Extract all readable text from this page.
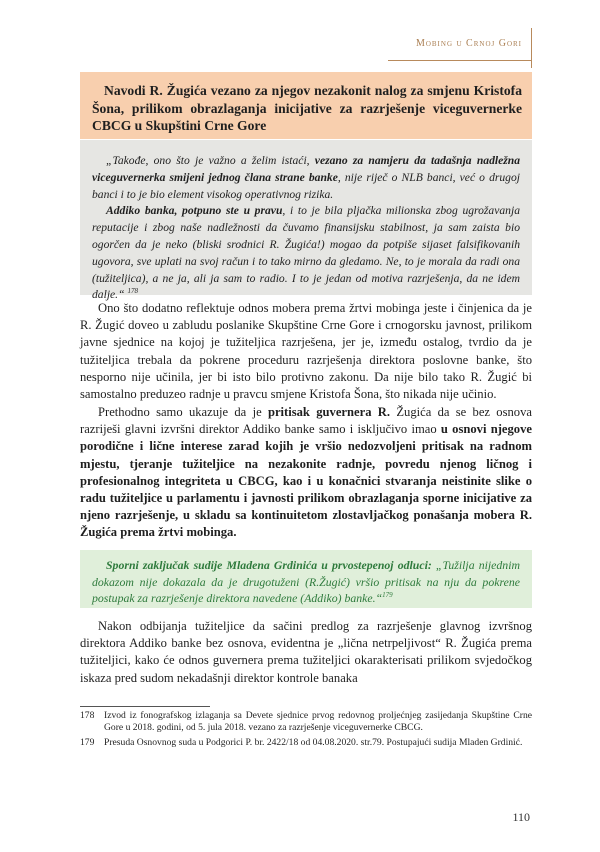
Mobing u Crnoj Gori
Navodi R. Žugića vezano za njegov nezakonit nalog za smjenu Kristofa Šona, prilikom obrazlaganja inicijative za razrješenje viceguvernerke CBCG u Skupštini Crne Gore

„Takođe, ono što je važno a želim istaći, vezano za namjeru da tadašnja nadležna viceguvernerka smijeni jednog člana strane banke, nije riječ o NLB banci, već o drugoj banci i to je bio element visokog operativnog rizika.

Addiko banka, potpuno ste u pravu, i to je bila pljačka milionska zbog ugrožavanja reputacije i zbog naše nadležnosti da čuvamo finansijsku stabilnost, ja sam zaista bio ogorčen da je neko (bliski srodnici R. Žugića!) mogao da potpiše sijaset falsifikovanih ugovora, sve uplati na svoj račun i to tako mirno da gledamo. Ne, to je morala da radi ona (tužiteljica), a ne ja, ali ja sam to radio. I to je jedan od motiva razrješenja, da ne idem dalje.“ $^{178}$

Ono što dodatno reflektuje odnos mobera prema žrtvi mobinga jeste i činjenica da je R. Žugić doveo u zabludu poslanike Skupštine Crne Gore i crnogorsku javnost, prilikom javne sjednice na kojoj je tužiteljica razrješena, jer je, između ostalog, tvrdio da je tužiteljica trebala da pokrene proceduru razrješenja direktora poslovne banke, što nesporno nije učinila, jer bi isto bilo protivno zakonu. Da nije bilo tako R. Žugić bi samostalno preduzeo radnje u pravcu smjene Kristofa Šona, što nikada nije učinio.

Prethodno samo ukazuje da je pritisak guvernera R. Žugića da se bez osnova razriješi glavni izvršni direktor Addiko banke samo i isključivo imao u osnovi njegove porodične i lične interese zarad kojih je vršio nedozvoljeni pritisak na radnom mjestu, tjeranje tužiteljice na nezakonite radnje, povredu njenog ličnog i profesionalnog integriteta u CBCG, kao i u konačnici stvaranja neistinite slike o radu tužiteljice u parlamentu i javnosti prilikom obrazlaganja sporne inicijative za njeno razrješenje, u skladu sa kontinuitetom zlostavljačkog ponašanja mobera R. Žugića prema žrtvi mobinga.

Sporni zaključak sudije Mladena Grdinića u prvostepenoj odluci: „Tužilja nijednim dokazom nije dokazala da je drugotuženi (R.Žugić) vršio pritisak na nju da pokrene postupak za razrješenje direktora navedene (Addiko) banke.“$^{179}$

Nakon odbijanja tužiteljice da sačini predlog za razrješenje glavnog izvršnog direktora Addiko banke bez osnova, evidentna je „lična netrpeljivost“ R. Žugića prema tužiteljici, kako će odnos guvernera prema tužiteljici okarakterisati prilikom svjedočkog iskaza pred sudom nekadašnji direktor kontrole banaka

178	Izvod iz fonografskog izlaganja sa Devete sjednice prvog redovnog proljećnjeg zasijedanja Skupštine Crne Gore u 2018. godini, od 5. jula 2018. vezano za razrješenje viceguvernerke CBCG.
179	Presuda Osnovnog suda u Podgorici P. br. 2422/18 od 04.08.2020. str.79. Postupajući sudija Mladen Grdinić.
110
